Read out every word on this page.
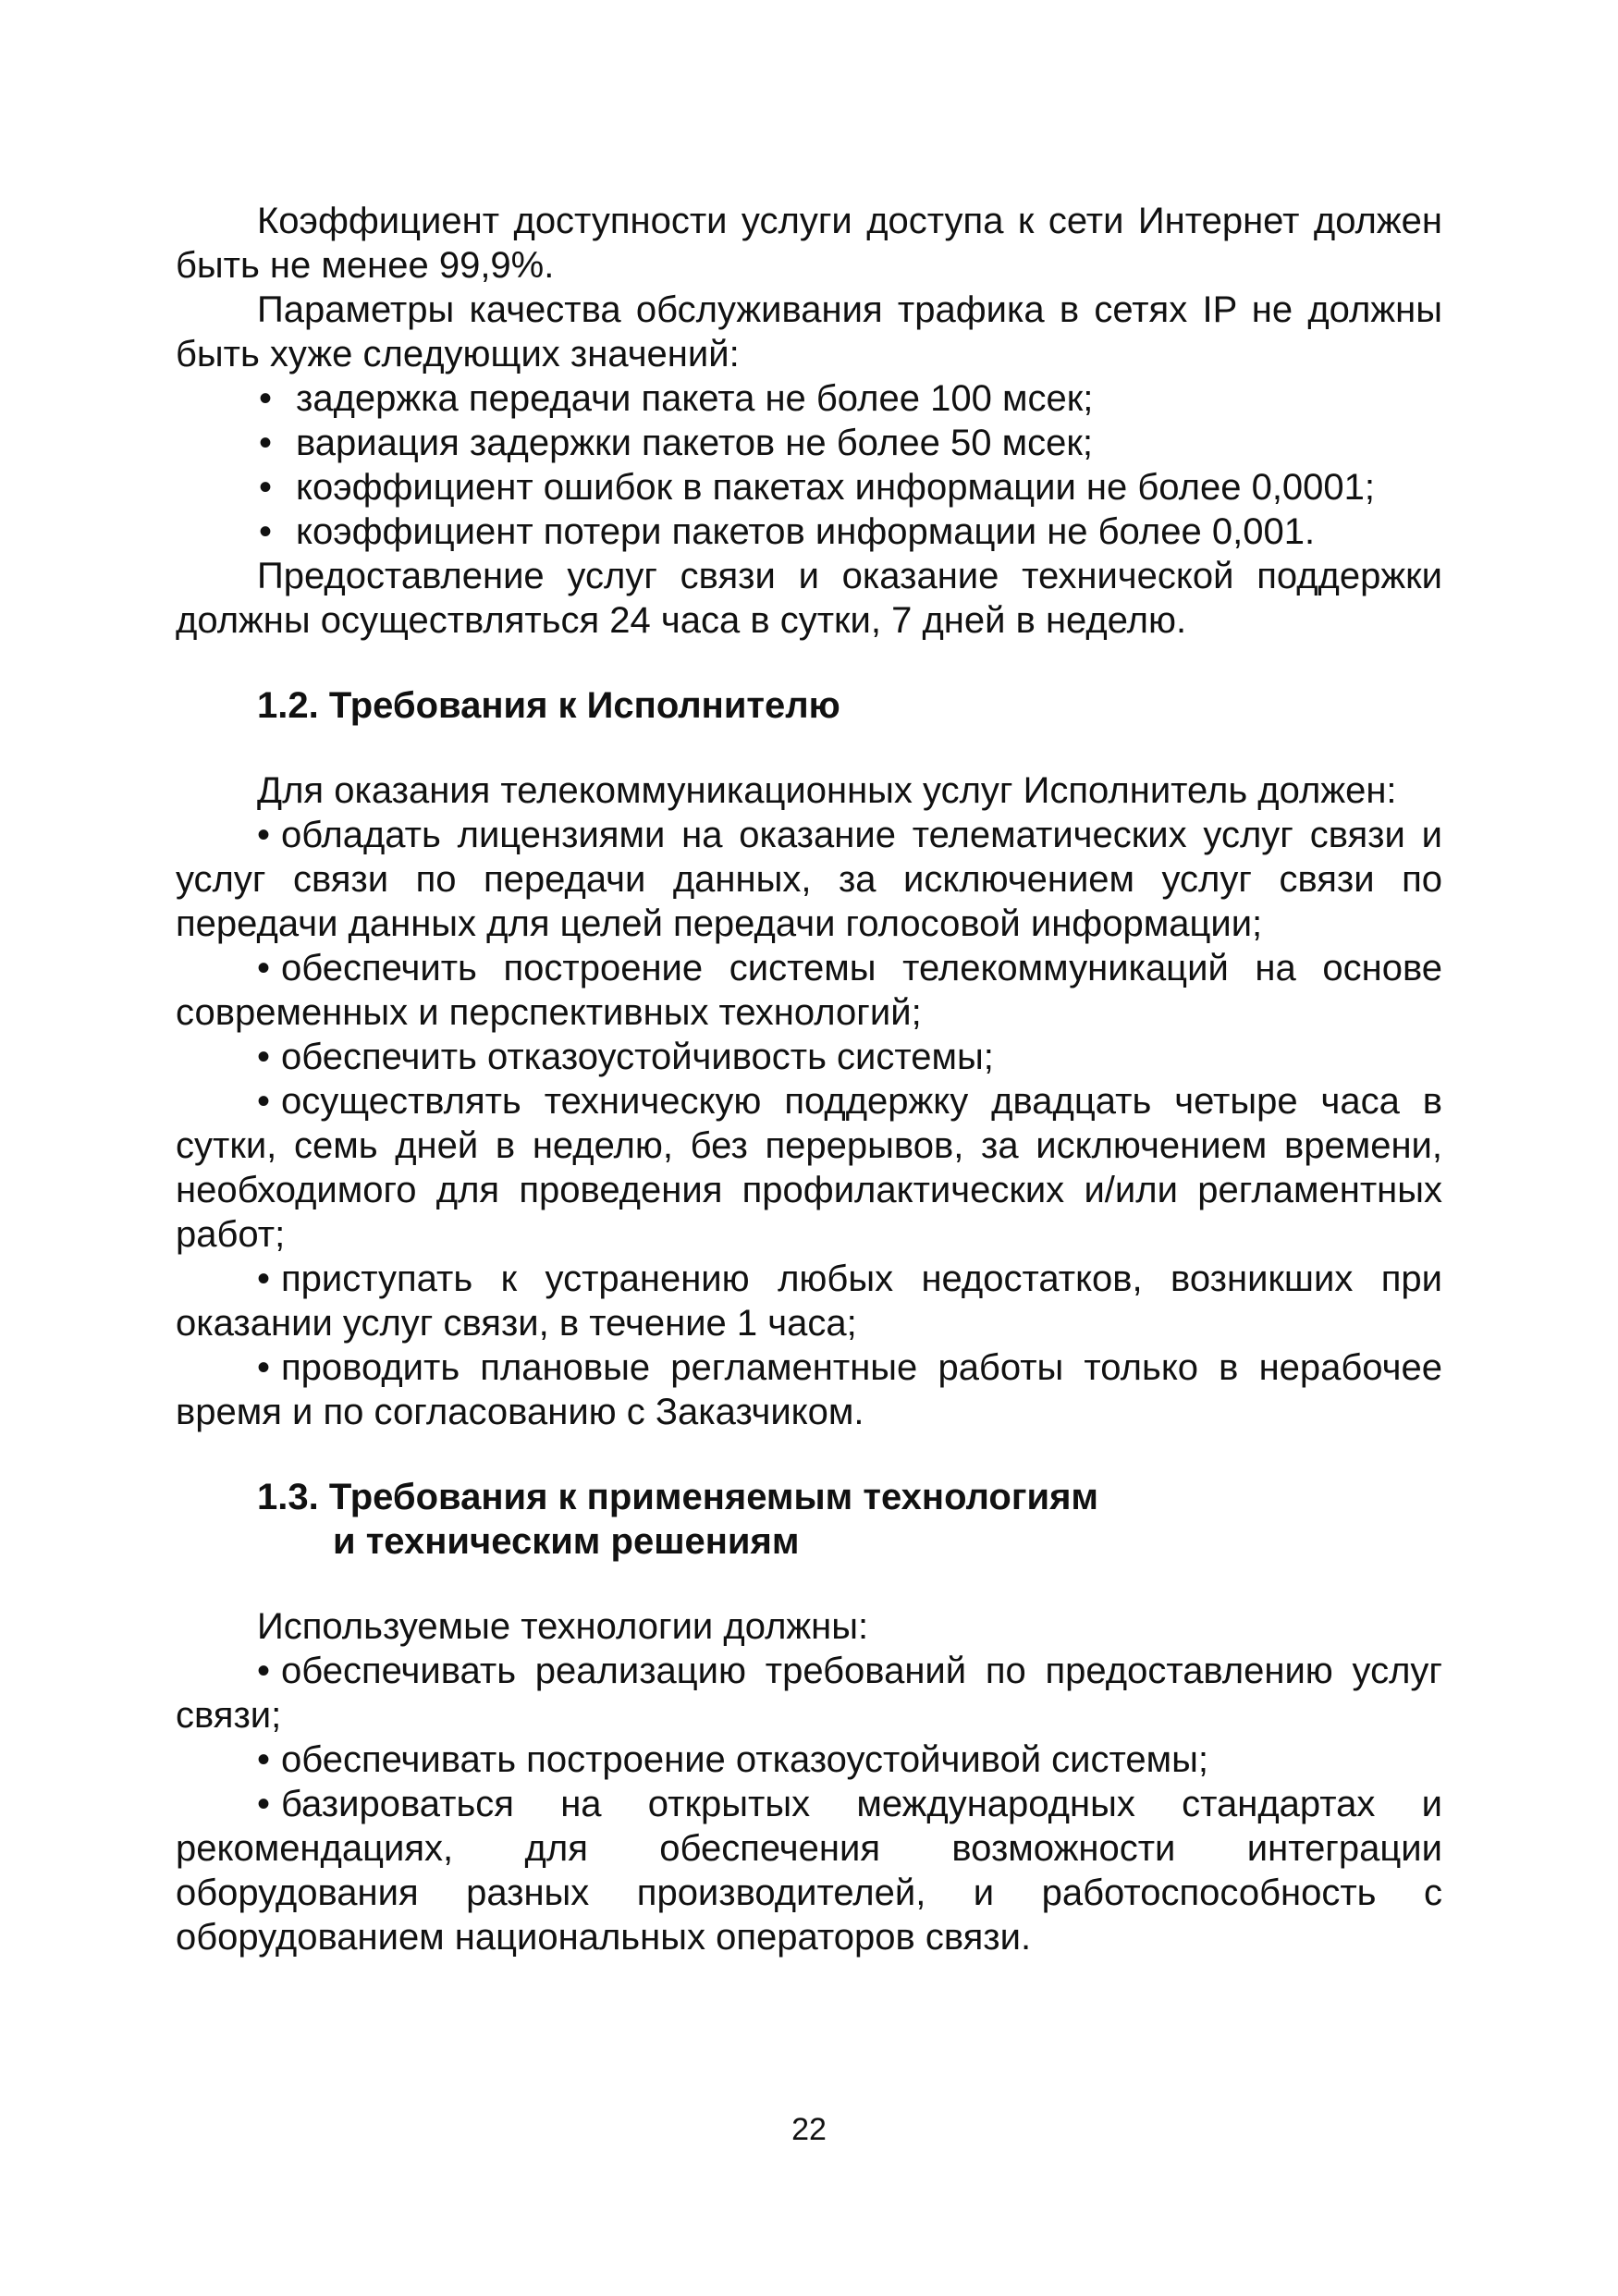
Коэффициент доступности услуги доступа к сети Интернет должен быть не менее 99,9%.

Параметры качества обслуживания трафика в сетях IP не должны быть хуже следующих значений:

• задержка передачи пакета не более 100 мсек;
• вариация задержки пакетов не более 50 мсек;
• коэффициент ошибок в пакетах информации не более 0,0001;
• коэффициент потери пакетов информации не более 0,001.

Предоставление услуг связи и оказание технической поддержки должны осуществляться 24 часа в сутки, 7 дней в неделю.

1.2. Требования к Исполнителю

Для оказания телекоммуникационных услуг Исполнитель должен:

• обладать лицензиями на оказание телематических услуг связи и услуг связи по передачи данных, за исключением услуг связи по передачи данных для целей передачи голосовой информации;

• обеспечить построение системы телекоммуникаций на основе современных и перспективных технологий;

• обеспечить отказоустойчивость системы;

• осуществлять техническую поддержку двадцать четыре часа в сутки, семь дней в неделю, без перерывов, за исключением времени, необходимого для проведения профилактических и/или регламентных работ;

• приступать к устранению любых недостатков, возникших при оказании услуг связи, в течение 1 часа;

• проводить плановые регламентные работы только в нерабочее время и по согласованию с Заказчиком.

1.3. Требования к применяемым технологиям
и техническим решениям

Используемые технологии должны:

• обеспечивать реализацию требований по предоставлению услуг связи;

• обеспечивать построение отказоустойчивой системы;

• базироваться на открытых международных стандартах и рекомендациях, для обеспечения возможности интеграции оборудования разных производителей, и работоспособность с оборудованием национальных операторов связи.

22
